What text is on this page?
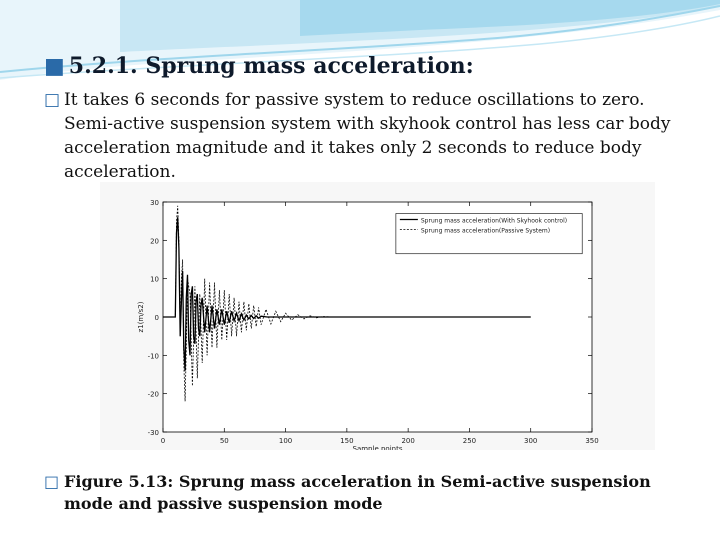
■ 5.2.1. Sprung mass acceleration:
□ It takes 6 seconds for passive system to reduce oscillations to zero. Semi-active suspension system with skyhook control has less car body acceleration magnitude and it takes only 2 seconds to reduce body acceleration.
0	50	100	150	200	250	300	350
-30
-20
-10
0
10
20
30
Sample points
z1(m/s2)
Sprung mass acceleration(With Skyhook control)
Sprung mass acceleration(Passive System)
□ Figure 5.13: Sprung mass acceleration in Semi-active suspension mode and passive suspension mode
